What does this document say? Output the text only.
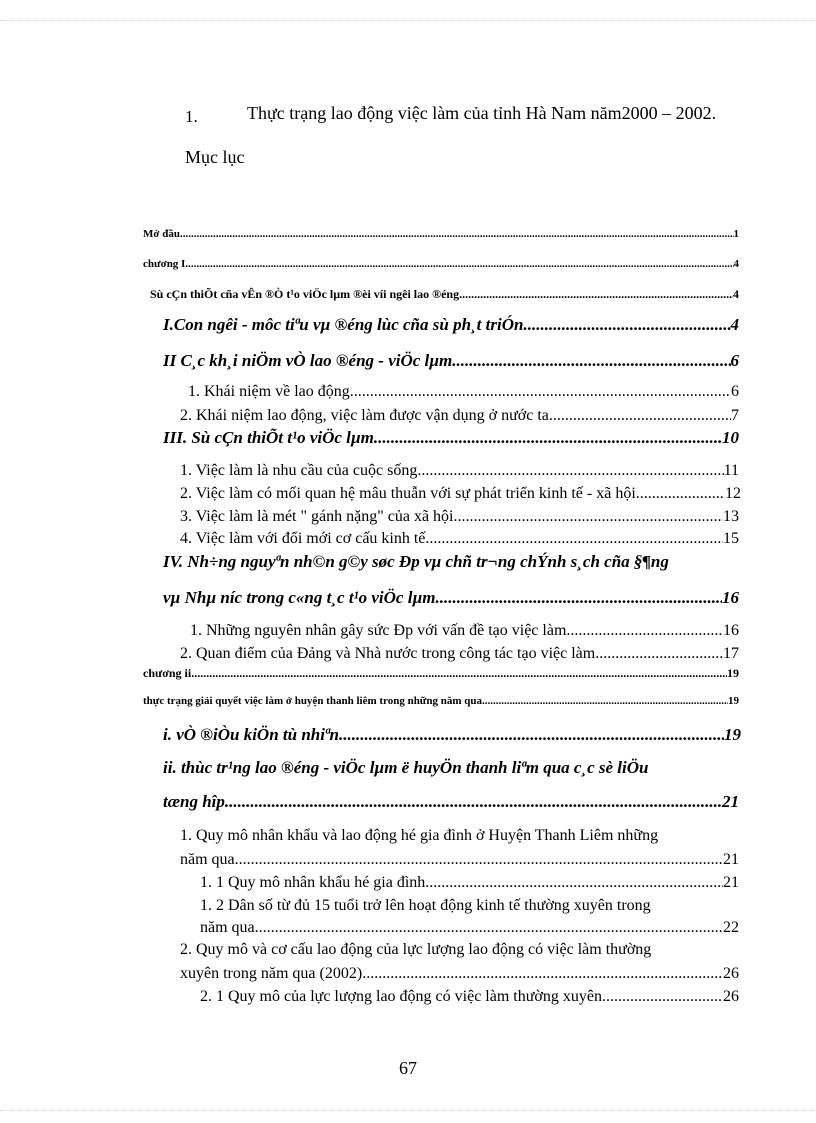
1.	Thực trạng lao động việc làm của tỉnh Hà Nam năm2000 – 2002.
Mục lục
Mở đầu .....	1
chương I .....	4
Sù cÇn thiÕt cña vÊn ®Ò t¹o viÖc lµm ®èi víi ngêi lao ®éng .....	4
I.Con ngêi - môc tiªu vµ ®éng lùc cña sù ph¸t triÓn .....	4
II C¸c kh¸i niÖm vÒ lao ®éng - viÖc lµm .....	6
1. Khái niệm về lao động .....	6
2. Khái niệm lao động, việc làm được vận dụng ở nước ta .....	7
III. Sù cÇn thiÕt t¹o viÖc lµm .....	10
1. Việc làm là nhu cầu của cuộc sống .....	11
2. Việc làm có mối quan hệ mâu thuẫn với sự phát triển kinh tế - xã hội .....	12
3. Việc làm là mét " gánh nặng" của xã hội .....	13
4. Việc làm với đổi mới cơ cấu kinh tế .....	15
IV. Nh÷ng nguyªn nh©n g©y søc Đp vµ chñ tr¬ng chÝnh s¸ch cña §¶ng
vµ Nhµ níc trong c«ng t¸c t¹o viÖc lµm .....	16
1. Những nguyên nhân gây sức Đp với vấn đề tạo việc làm .....	16
2. Quan điểm của Đảng và Nhà nước trong công tác tạo việc làm .....	17
chương ii .....	19
thực trạng giải quyết việc làm ở huyện thanh liêm trong những năm qua .....	19
i. vÒ ®iÒu kiÖn tù nhiªn .....	19
ii. thùc tr¹ng lao ®éng - viÖc lµm ë huyÖn thanh liªm qua c¸c sè liÖu
tæng hîp .....	21
1. Quy mô nhân khẩu và lao động hé gia đình ở Huyện Thanh Liêm những
năm qua .....	21
1. 1 Quy mô nhân khẩu hé gia đình .....	21
1. 2 Dân số từ đủ 15 tuổi trở lên hoạt động kinh tế thường xuyên trong
năm qua .....	22
2. Quy mô và cơ cấu lao động của lực lượng lao động có việc làm thường
xuyên trong năm qua (2002) .....	26
2. 1 Quy mô của lực lượng lao động có việc làm thường xuyên .....	26
67
